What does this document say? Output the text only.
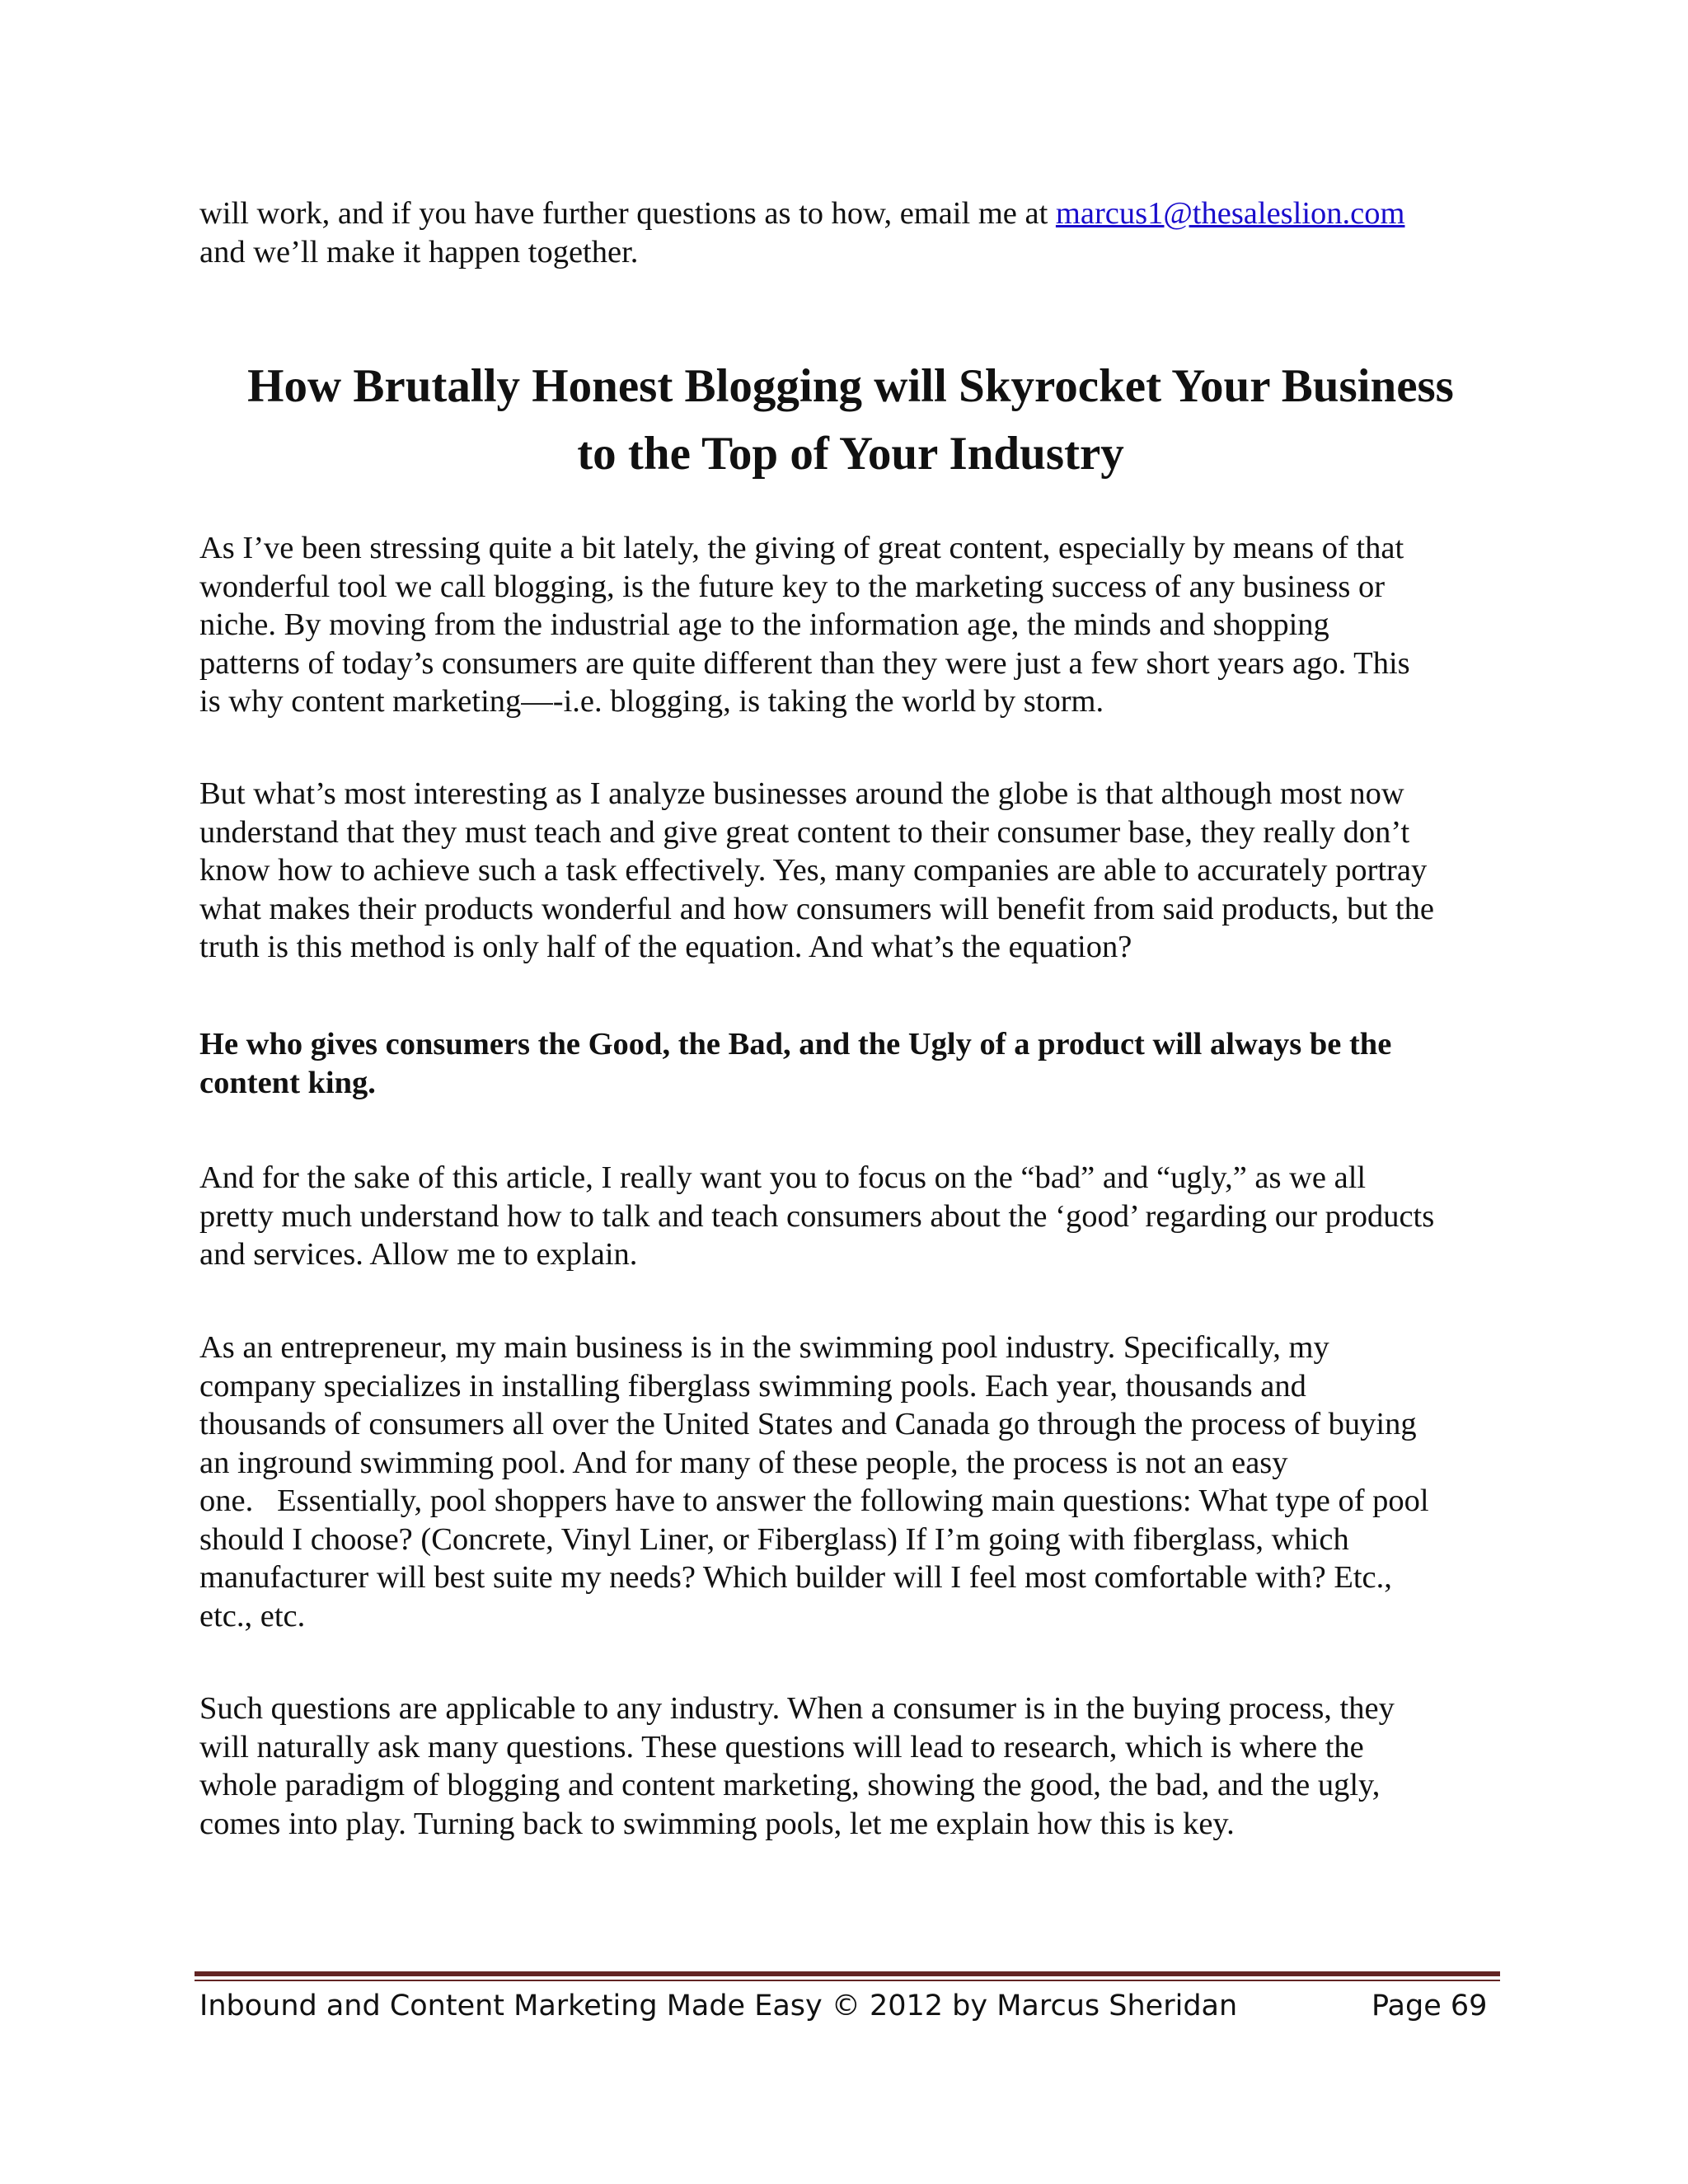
will work, and if you have further questions as to how, email me at marcus1@thesaleslion.com
and we’ll make it happen together.

How Brutally Honest Blogging will Skyrocket Your Business
to the Top of Your Industry

As I’ve been stressing quite a bit lately, the giving of great content, especially by means of that
wonderful tool we call blogging, is the future key to the marketing success of any business or
niche. By moving from the industrial age to the information age, the minds and shopping
patterns of today’s consumers are quite different than they were just a few short years ago. This
is why content marketing—-i.e. blogging, is taking the world by storm.

But what’s most interesting as I analyze businesses around the globe is that although most now
understand that they must teach and give great content to their consumer base, they really don’t
know how to achieve such a task effectively. Yes, many companies are able to accurately portray
what makes their products wonderful and how consumers will benefit from said products, but the
truth is this method is only half of the equation. And what’s the equation?

He who gives consumers the Good, the Bad, and the Ugly of a product will always be the
content king.

And for the sake of this article, I really want you to focus on the “bad” and “ugly,” as we all
pretty much understand how to talk and teach consumers about the ‘good’ regarding our products
and services. Allow me to explain.

As an entrepreneur, my main business is in the swimming pool industry. Specifically, my
company specializes in installing fiberglass swimming pools. Each year, thousands and
thousands of consumers all over the United States and Canada go through the process of buying
an inground swimming pool. And for many of these people, the process is not an easy
one.   Essentially, pool shoppers have to answer the following main questions: What type of pool
should I choose? (Concrete, Vinyl Liner, or Fiberglass) If I’m going with fiberglass, which
manufacturer will best suite my needs? Which builder will I feel most comfortable with? Etc.,
etc., etc.

Such questions are applicable to any industry. When a consumer is in the buying process, they
will naturally ask many questions. These questions will lead to research, which is where the
whole paradigm of blogging and content marketing, showing the good, the bad, and the ugly,
comes into play. Turning back to swimming pools, let me explain how this is key.

Inbound and Content Marketing Made Easy © 2012 by Marcus Sheridan	Page 69
